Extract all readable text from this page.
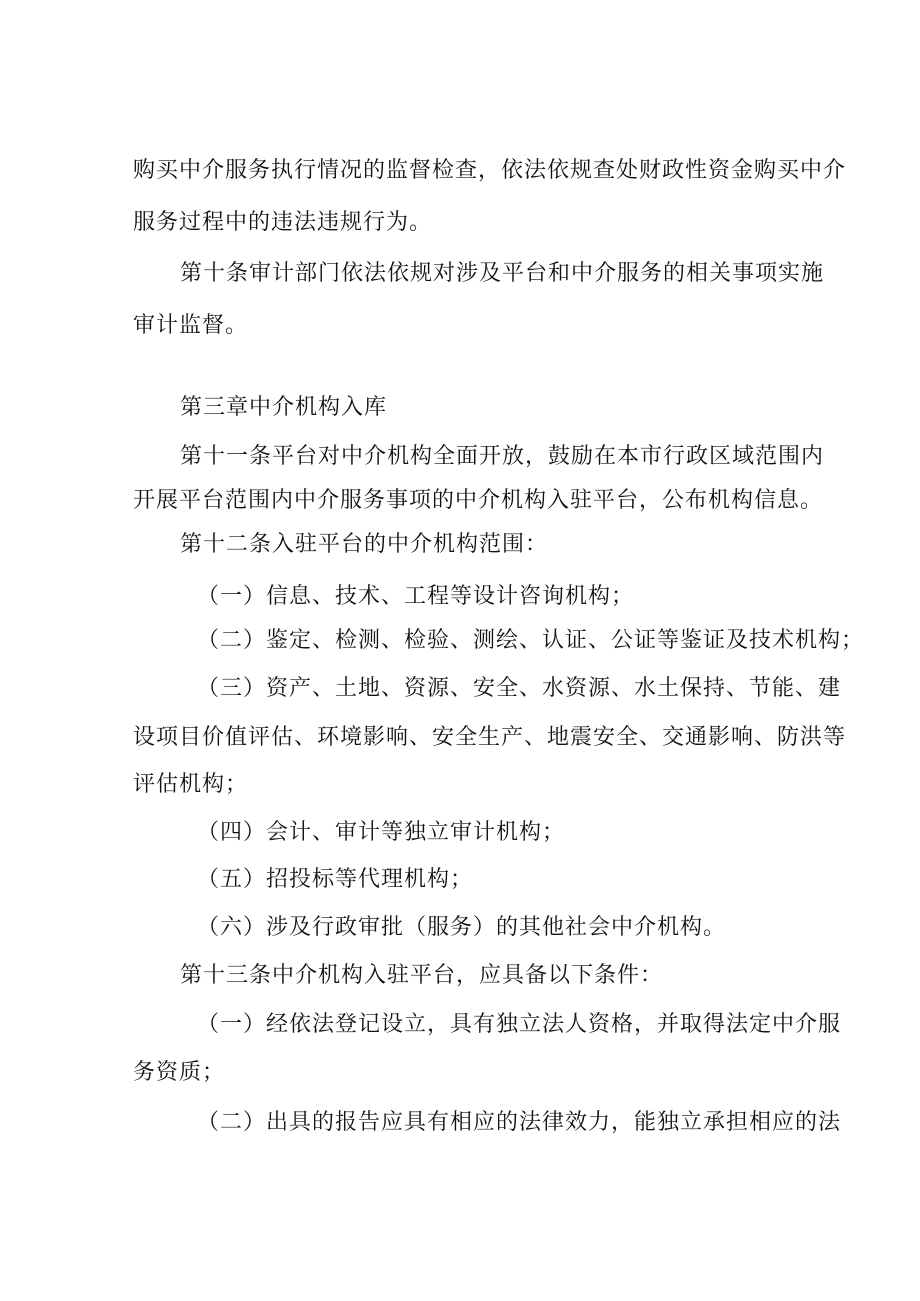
购买中介服务执行情况的监督检查，依法依规查处财政性资金购买中介
服务过程中的违法违规行为。
第十条审计部门依法依规对涉及平台和中介服务的相关事项实施
审计监督。
第三章中介机构入库
第十一条平台对中介机构全面开放，鼓励在本市行政区域范围内
开展平台范围内中介服务事项的中介机构入驻平台，公布机构信息。
第十二条入驻平台的中介机构范围：
（一）信息、技术、工程等设计咨询机构；
（二）鉴定、检测、检验、测绘、认证、公证等鉴证及技术机构；
（三）资产、土地、资源、安全、水资源、水土保持、节能、建
设项目价值评估、环境影响、安全生产、地震安全、交通影响、防洪等
评估机构；
（四）会计、审计等独立审计机构；
（五）招投标等代理机构；
（六）涉及行政审批（服务）的其他社会中介机构。
第十三条中介机构入驻平台，应具备以下条件：
（一）经依法登记设立，具有独立法人资格，并取得法定中介服
务资质；
（二）出具的报告应具有相应的法律效力，能独立承担相应的法
